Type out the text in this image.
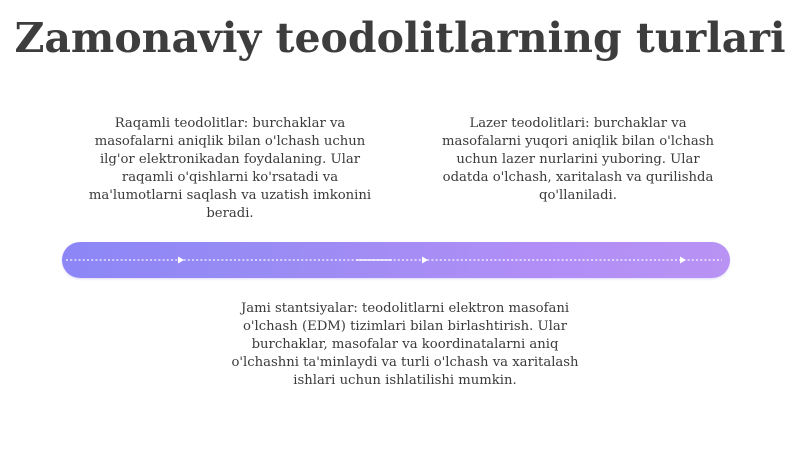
Zamonaviy teodolitlarning turlari
Raqamli teodolitlar: burchaklar va masofalarni aniqlik bilan o'lchash uchun ilg'or elektronikadan foydalaning. Ular raqamli o'qishlarni ko'rsatadi va ma'lumotlarni saqlash va uzatish imkonini beradi.
Lazer teodolitlari: burchaklar va masofalarni yuqori aniqlik bilan o'lchash uchun lazer nurlarini yuboring. Ular odatda o'lchash, xaritalash va qurilishda qo'llaniladi.
Jami stantsiyalar: teodolitlarni elektron masofani o'lchash (EDM) tizimlari bilan birlashtirish. Ular burchaklar, masofalar va koordinatalarni aniq o'lchashni ta'minlaydi va turli o'lchash va xaritalash ishlari uchun ishlatilishi mumkin.
